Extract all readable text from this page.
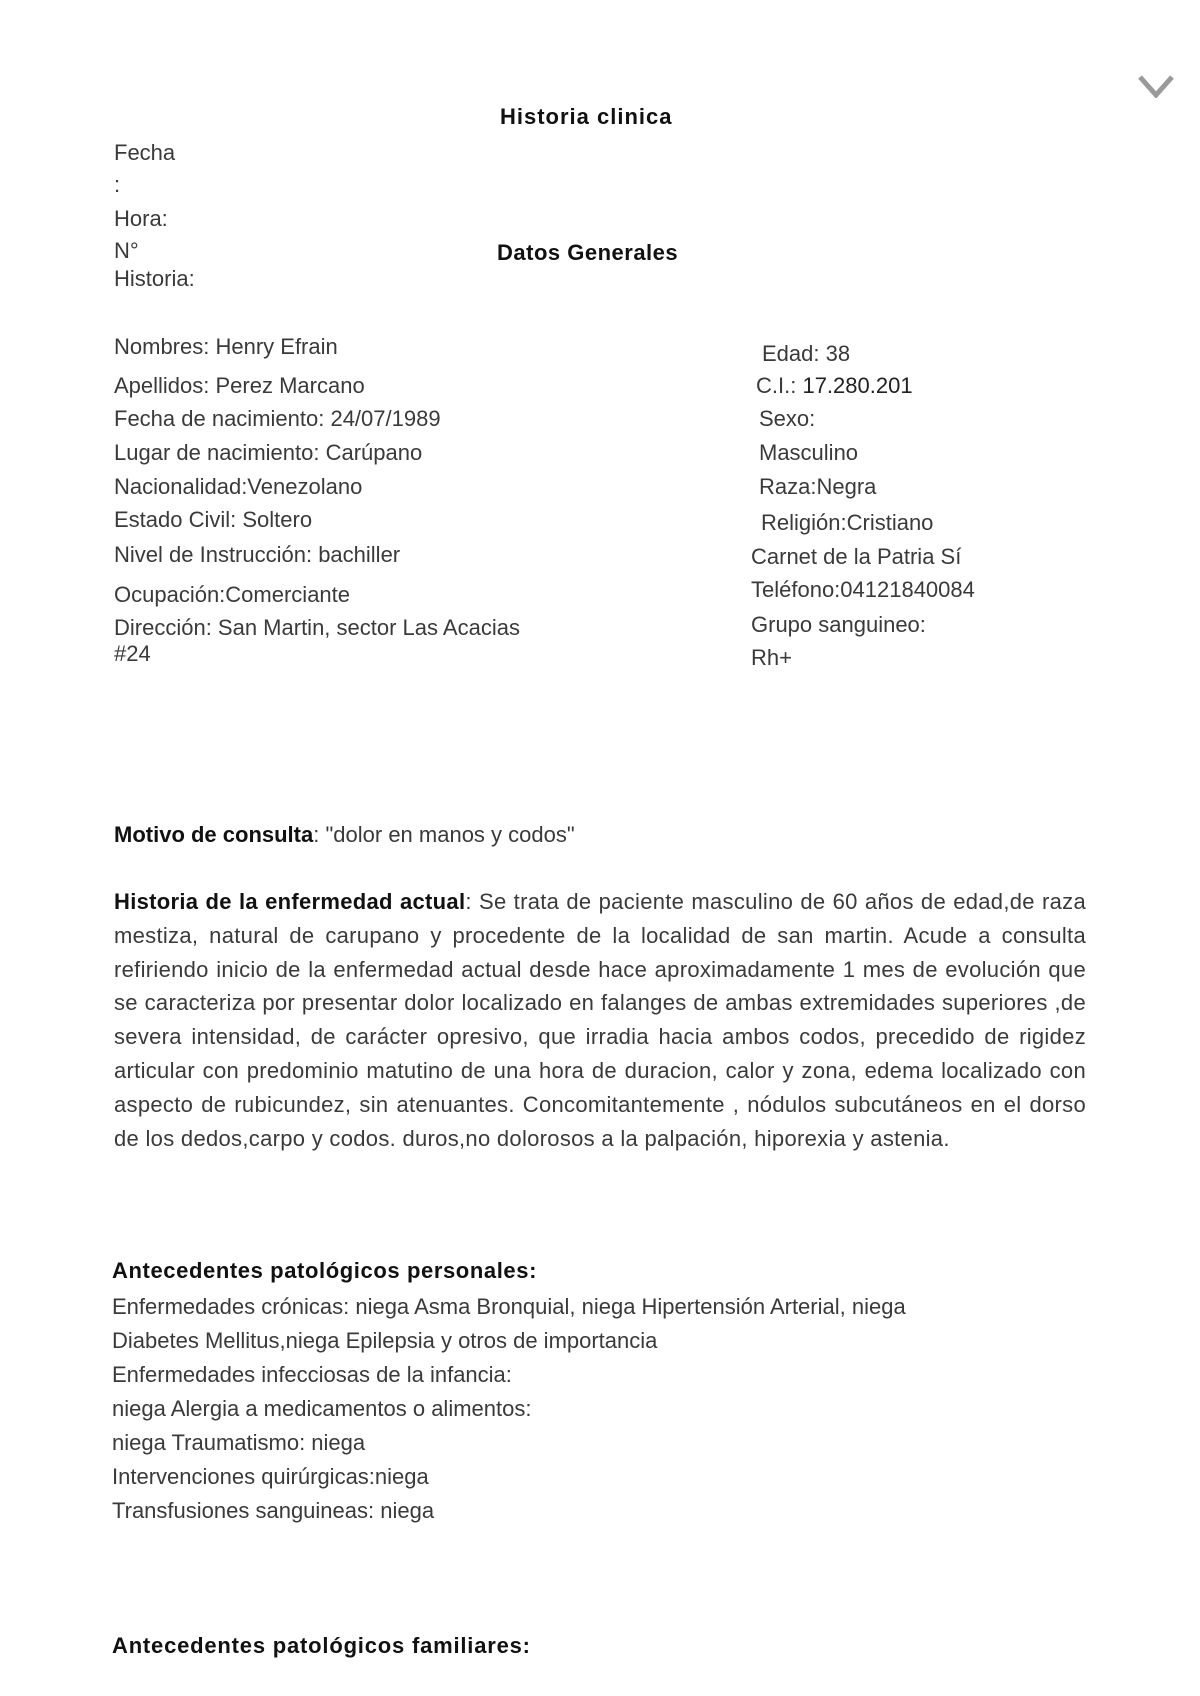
Historia clinica
Fecha
:
Hora:
N°
Historia:
Datos Generales
Nombres: Henry Efrain
Apellidos: Perez Marcano
Fecha de nacimiento: 24/07/1989
Lugar de nacimiento: Carúpano
Nacionalidad:Venezolano
Estado Civil: Soltero
Nivel de Instrucción: bachiller
Ocupación:Comerciante
Dirección: San Martin, sector Las Acacias
#24
Edad: 38
C.I.: 17.280.201
Sexo:
Masculino
Raza:Negra
Religión:Cristiano
Carnet de la Patria Sí
Teléfono:04121840084
Grupo sanguineo:
Rh+
Motivo de consulta: "dolor en manos y codos"
Historia de la enfermedad actual: Se trata de paciente masculino de 60 años de edad,de raza mestiza, natural de carupano y procedente de la localidad de san martin. Acude a consulta refiriendo inicio de la enfermedad actual desde hace aproximadamente 1 mes de evolución que se caracteriza por presentar dolor localizado en falanges de ambas extremidades superiores ,de severa intensidad, de carácter opresivo, que irradia hacia ambos codos, precedido de rigidez articular con predominio matutino de una hora de duracion, calor y zona, edema localizado con aspecto de rubicundez, sin atenuantes. Concomitantemente , nódulos subcutáneos en el dorso de los dedos,carpo y codos. duros,no dolorosos a la palpación, hiporexia y astenia.
Antecedentes patológicos personales:
Enfermedades crónicas: niega Asma Bronquial, niega Hipertensión Arterial, niega
Diabetes Mellitus,niega Epilepsia y otros de importancia
Enfermedades infecciosas de la infancia:
niega Alergia a medicamentos o alimentos:
niega Traumatismo: niega
Intervenciones quirúrgicas:niega
Transfusiones sanguineas: niega
Antecedentes patológicos familiares:
